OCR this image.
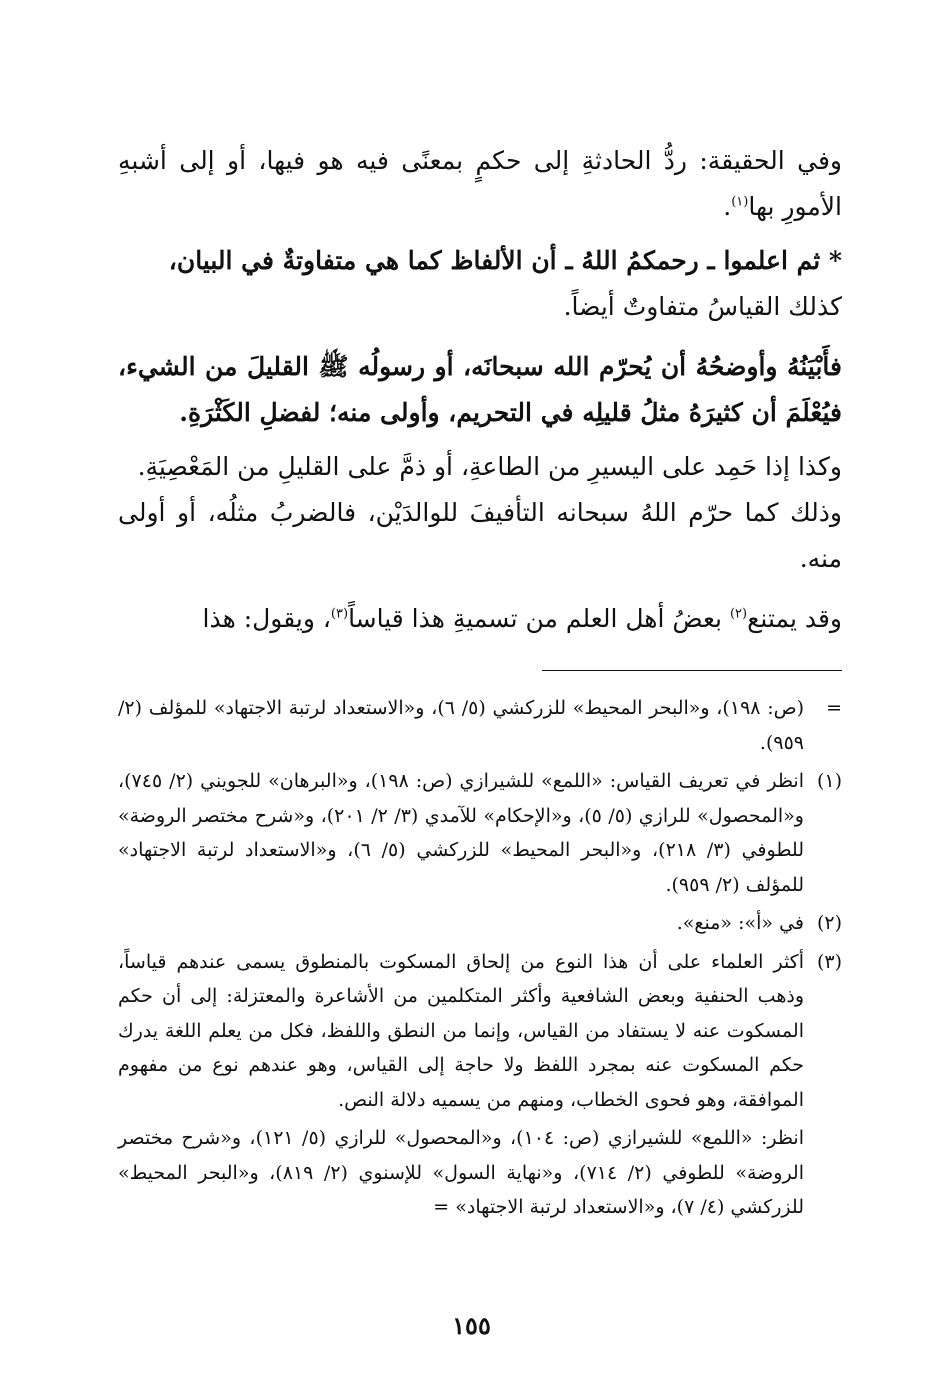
وفي الحقيقة: ردُّ الحادثةِ إلى حكمٍ بمعنًى فيه هو فيها، أو إلى أشبهِ الأمورِ بها$^{(١)}$.

* ثم اعلموا ـ رحمكمُ اللهُ ـ أن الألفاظ كما هي متفاوتةٌ في البيان،

كذلك القياسُ متفاوتٌ أيضاً.

فأَبْيَنُهُ وأوضحُهُ أن يُحرّم الله سبحانَه، أو رسولُه ﷺ القليلَ من الشيء، فيُعْلَمَ أن كثيرَهُ مثلُ قليلِه في التحريم، وأولى منه؛ لفضلِ الكَثْرَةِ.

وكذا إذا حَمِد على اليسيرِ من الطاعةِ، أو ذمَّ على القليلِ من المَعْصِيَةِ.

وذلك كما حرّم اللهُ سبحانه التأفيفَ للوالدَيْن، فالضربُ مثلُه، أو أولى منه.

وقد يمتنع$^{(٢)}$ بعضُ أهل العلم من تسميةِ هذا قياساً$^{(٣)}$، ويقول: هذا

=

(ص: ١٩٨)، و«البحر المحيط» للزركشي (٥/ ٦)، و«الاستعداد لرتبة الاجتهاد» للمؤلف (٢/ ٩٥٩).

(١)

انظر في تعريف القياس: «اللمع» للشيرازي (ص: ١٩٨)، و«البرهان» للجويني (٢/ ٧٤٥)، و«المحصول» للرازي (٥/ ٥)، و«الإحكام» للآمدي (٣/ ٢/ ٢٠١)، و«شرح مختصر الروضة» للطوفي (٣/ ٢١٨)، و«البحر المحيط» للزركشي (٥/ ٦)، و«الاستعداد لرتبة الاجتهاد» للمؤلف (٢/ ٩٥٩).

(٢)

في «أ»: «منع».

(٣)

أكثر العلماء على أن هذا النوع من إلحاق المسكوت بالمنطوق يسمى عندهم قياساً، وذهب الحنفية وبعض الشافعية وأكثر المتكلمين من الأشاعرة والمعتزلة: إلى أن حكم المسكوت عنه لا يستفاد من القياس، وإنما من النطق واللفظ، فكل من يعلم اللغة يدرك حكم المسكوت عنه بمجرد اللفظ ولا حاجة إلى القياس، وهو عندهم نوع من مفهوم الموافقة، وهو فحوى الخطاب، ومنهم من يسميه دلالة النص.

انظر: «اللمع» للشيرازي (ص: ١٠٤)، و«المحصول» للرازي (٥/ ١٢١)، و«شرح مختصر الروضة» للطوفي (٢/ ٧١٤)، و«نهاية السول» للإسنوي (٢/ ٨١٩)، و«البحر المحيط» للزركشي (٤/ ٧)، و«الاستعداد لرتبة الاجتهاد» =

١٥٥
